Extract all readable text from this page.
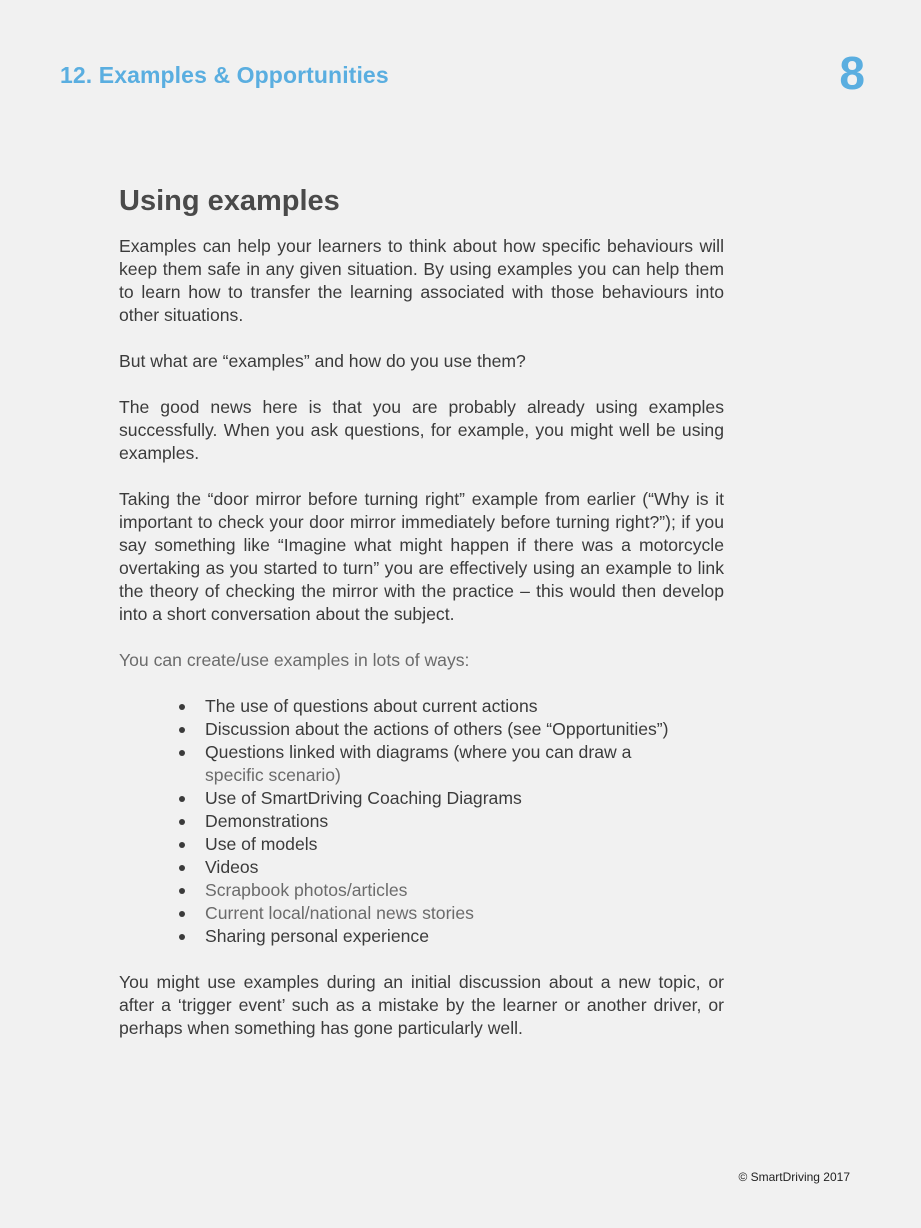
12. Examples & Opportunities	8
Using examples

Examples can help your learners to think about how specific behaviours will keep them safe in any given situation. By using examples you can help them to learn how to transfer the learning associated with those behaviours into other situations.

But what are “examples” and how do you use them?

The good news here is that you are probably already using examples successfully. When you ask questions, for example, you might well be using examples.

Taking the “door mirror before turning right” example from earlier (“Why is it important to check your door mirror immediately before turning right?”); if you say something like “Imagine what might happen if there was a motorcycle overtaking as you started to turn” you are effectively using an example to link the theory of checking the mirror with the practice – this would then develop into a short conversation about the subject.

You can create/use examples in lots of ways:

The use of questions about current actions
Discussion about the actions of others (see “Opportunities”)
Questions linked with diagrams (where you can draw a
specific scenario)
Use of SmartDriving Coaching Diagrams
Demonstrations
Use of models
Videos
Scrapbook photos/articles
Current local/national news stories
Sharing personal experience

You might use examples during an initial discussion about a new topic, or after a ‘trigger event’ such as a mistake by the learner or another driver, or perhaps when something has gone particularly well.

© SmartDriving 2017
